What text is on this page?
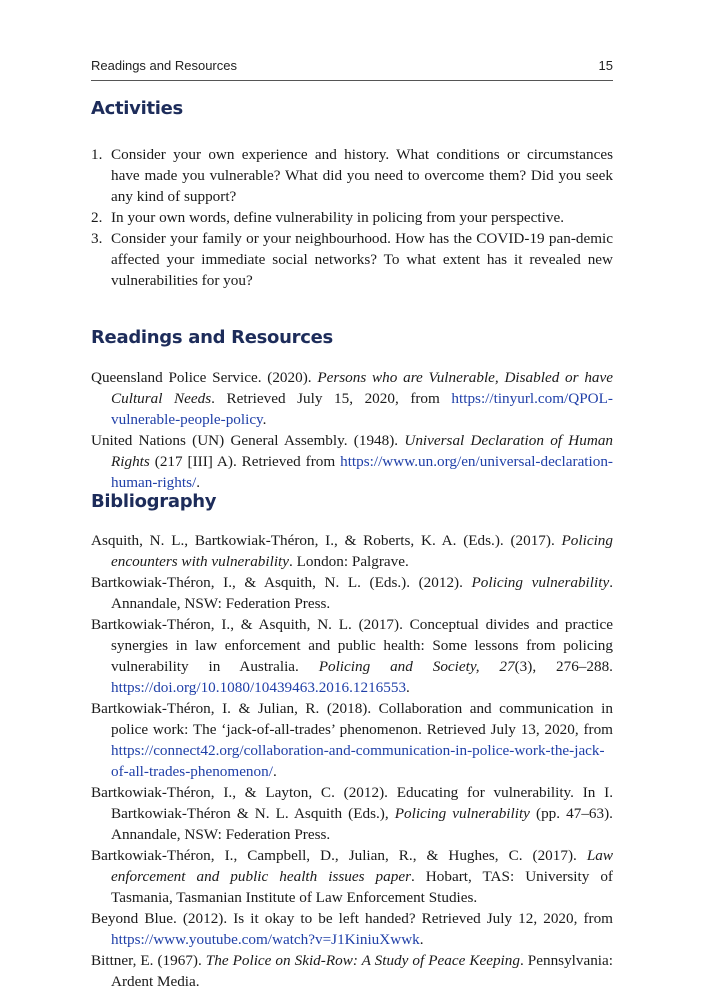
Readings and Resources	15
Activities
1. Consider your own experience and history. What conditions or circumstances have made you vulnerable? What did you need to overcome them? Did you seek any kind of support?
2. In your own words, define vulnerability in policing from your perspective.
3. Consider your family or your neighbourhood. How has the COVID-19 pan-demic affected your immediate social networks? To what extent has it revealed new vulnerabilities for you?
Readings and Resources
Queensland Police Service. (2020). Persons who are Vulnerable, Disabled or have Cultural Needs. Retrieved July 15, 2020, from https://tinyurl.com/QPOL-vulnerable-people-policy.
United Nations (UN) General Assembly. (1948). Universal Declaration of Human Rights (217 [III] A). Retrieved from https://www.un.org/en/universal-declaration-human-rights/.
Bibliography
Asquith, N. L., Bartkowiak-Théron, I., & Roberts, K. A. (Eds.). (2017). Policing encounters with vulnerability. London: Palgrave.
Bartkowiak-Théron, I., & Asquith, N. L. (Eds.). (2012). Policing vulnerability. Annandale, NSW: Federation Press.
Bartkowiak-Théron, I., & Asquith, N. L. (2017). Conceptual divides and practice synergies in law enforcement and public health: Some lessons from policing vulnerability in Australia. Policing and Society, 27(3), 276–288. https://doi.org/10.1080/10439463.2016.1216553.
Bartkowiak-Théron, I. & Julian, R. (2018). Collaboration and communication in police work: The ‘jack-of-all-trades’ phenomenon. Retrieved July 13, 2020, from https://connect42.org/collaboration-and-communication-in-police-work-the-jack-of-all-trades-phenomenon/.
Bartkowiak-Théron, I., & Layton, C. (2012). Educating for vulnerability. In I. Bartkowiak-Théron & N. L. Asquith (Eds.), Policing vulnerability (pp. 47–63). Annandale, NSW: Federation Press.
Bartkowiak-Théron, I., Campbell, D., Julian, R., & Hughes, C. (2017). Law enforcement and public health issues paper. Hobart, TAS: University of Tasmania, Tasmanian Institute of Law Enforcement Studies.
Beyond Blue. (2012). Is it okay to be left handed? Retrieved July 12, 2020, from https://www.youtube.com/watch?v=J1KiniuXwwk.
Bittner, E. (1967). The Police on Skid-Row: A Study of Peace Keeping. Pennsylvania: Ardent Media.
